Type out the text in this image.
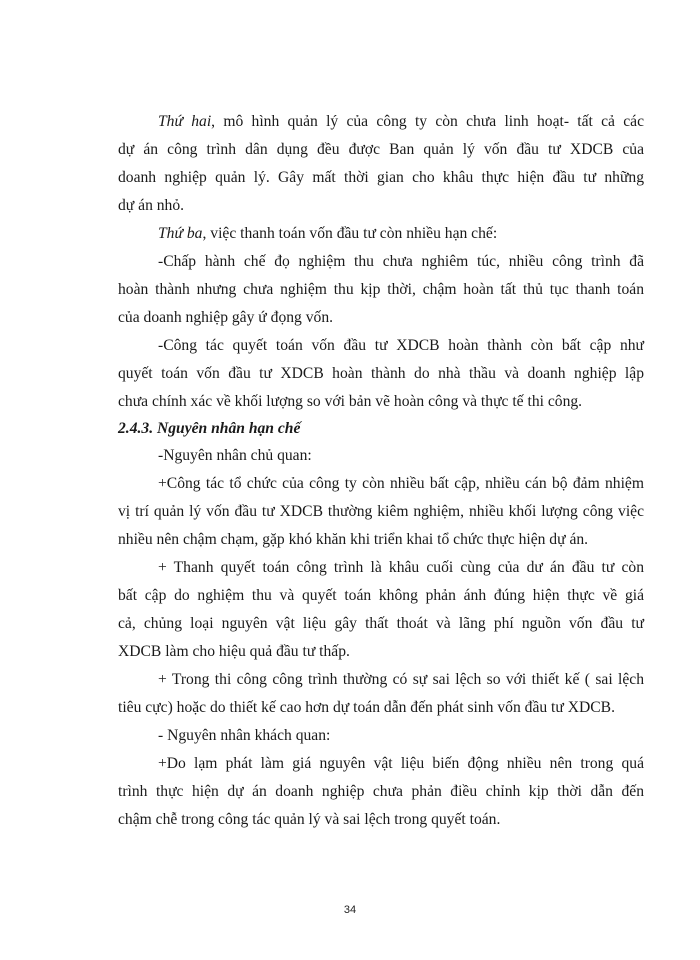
Thứ hai, mô hình quản lý của công ty còn chưa linh hoạt- tất cả các
dự án công trình dân dụng đều được Ban quản lý vốn đầu tư XDCB của
doanh nghiệp quản lý. Gây mất thời gian cho khâu thực hiện đầu tư những
dự án nhỏ.
Thứ ba, việc thanh toán vốn đầu tư còn nhiều hạn chế:
-Chấp hành chế đọ nghiệm thu chưa nghiêm túc, nhiều công trình đã
hoàn thành nhưng chưa nghiệm thu kịp thời, chậm hoàn tất thủ tục thanh toán
của doanh nghiệp gây ứ đọng vốn.
-Công tác quyết toán vốn đầu tư XDCB hoàn thành còn bất cập như
quyết toán vốn đầu tư XDCB hoàn thành do nhà thầu và doanh nghiệp lập
chưa chính xác về khối lượng so với bản vẽ hoàn công và thực tế thi công.
2.4.3. Nguyên nhân hạn chế
-Nguyên nhân chủ quan:
+Công tác tổ chức của công ty còn nhiều bất cập, nhiều cán bộ đảm nhiệm
vị trí quản lý vốn đầu tư XDCB thường kiêm nghiệm, nhiều khối lượng công việc
nhiều nên chậm chạm, gặp khó khăn khi triển khai tổ chức thực hiện dự án.
+ Thanh quyết toán công trình là khâu cuối cùng của dư án đầu tư còn
bất cập do nghiệm thu và quyết toán không phản ánh đúng hiện thực về giá
cả, chủng loại nguyên vật liệu gây thất thoát và lãng phí nguồn vốn đầu tư
XDCB làm cho hiệu quả đầu tư thấp.
+ Trong thi công công trình thường có sự sai lệch so với thiết kế ( sai lệch
tiêu cực) hoặc do thiết kế cao hơn dự toán dẫn đến phát sinh vốn đầu tư XDCB.
- Nguyên nhân khách quan:
+Do lạm phát làm giá nguyên vật liệu biến động nhiều nên trong quá
trình thực hiện dự án doanh nghiệp chưa phản điều chỉnh kịp thời dẫn đến
chậm chễ trong công tác quản lý và sai lệch trong quyết toán.
34
